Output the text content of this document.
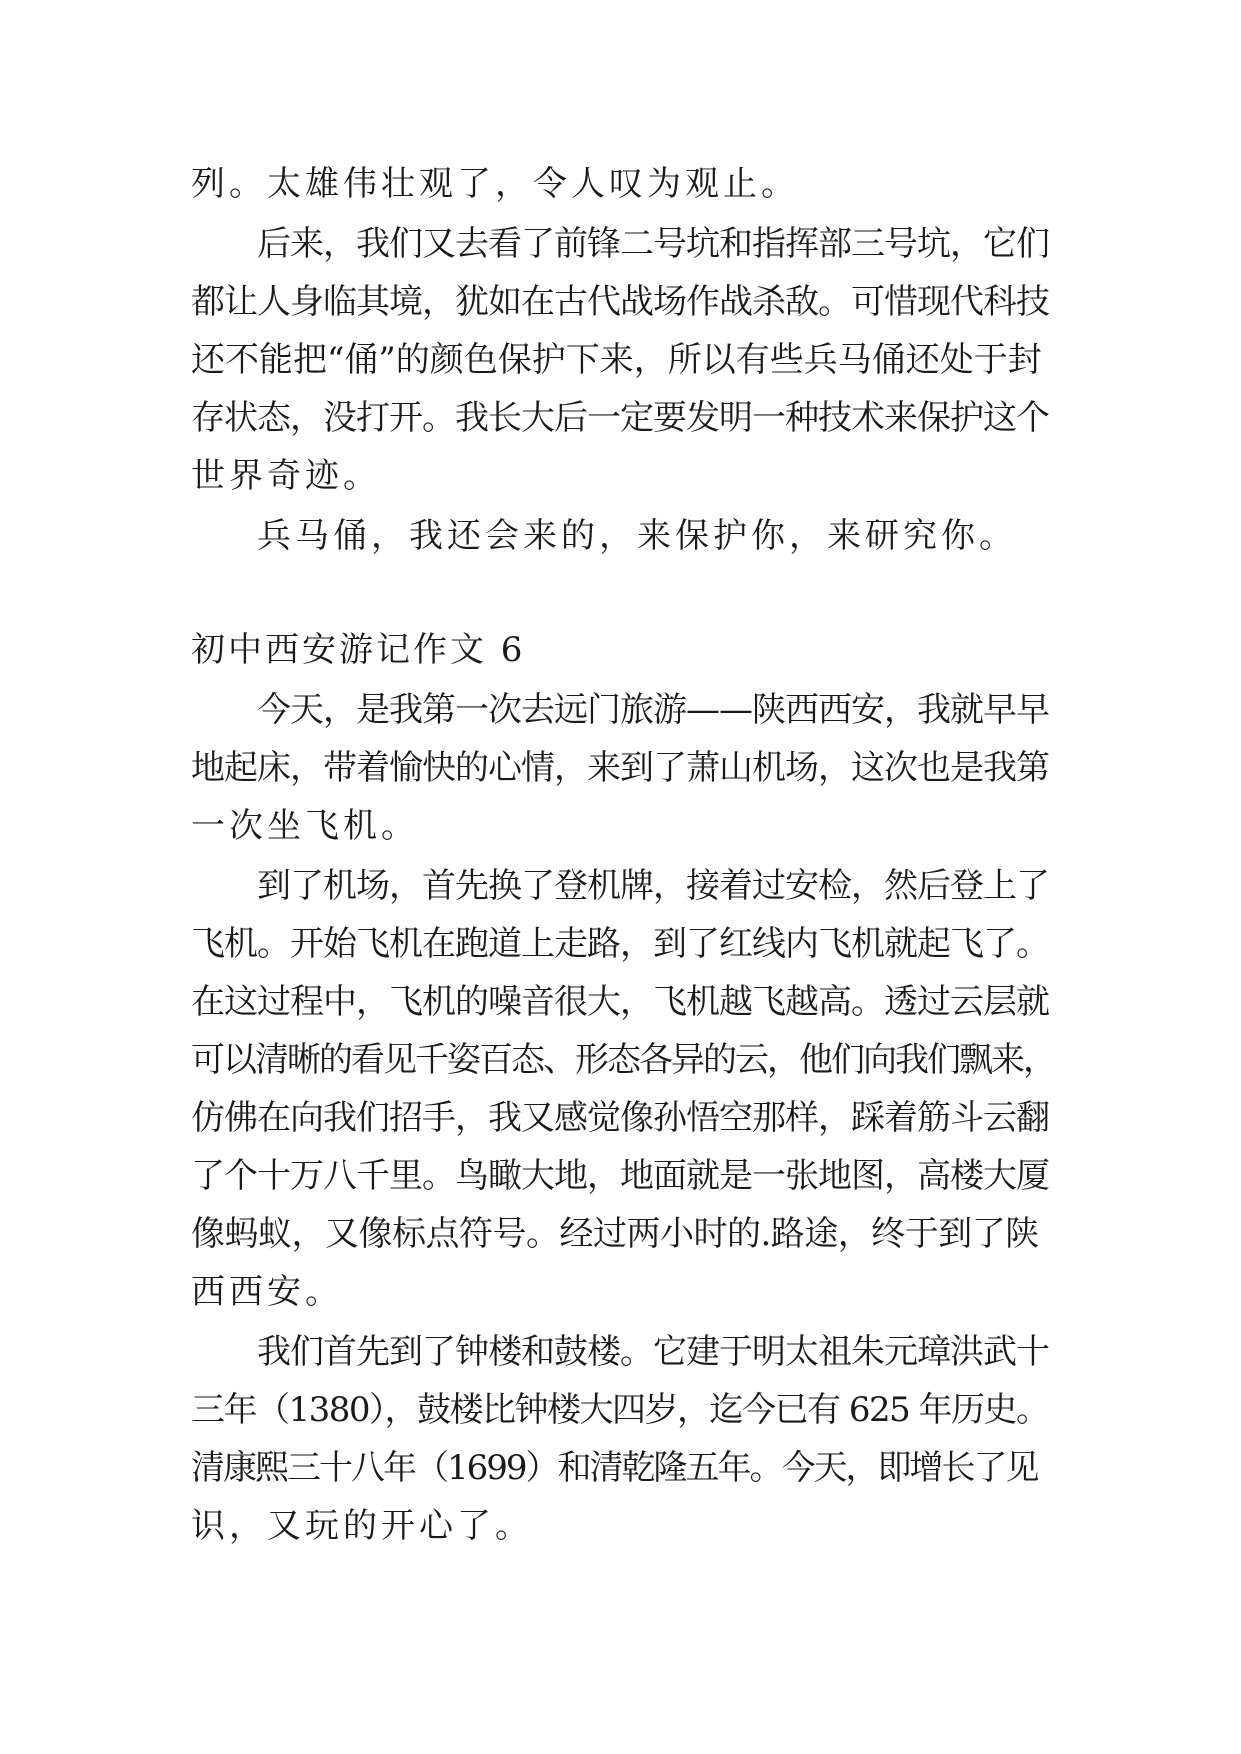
列。太雄伟壮观了，令人叹为观止。
后来，我们又去看了前锋二号坑和指挥部三号坑，它们
都让人身临其境，犹如在古代战场作战杀敌。可惜现代科技
还不能把“俑”的颜色保护下来，所以有些兵马俑还处于封
存状态，没打开。我长大后一定要发明一种技术来保护这个
世界奇迹。
兵马俑，我还会来的，来保护你，来研究你。
初中西安游记作文 6
今天，是我第一次去远门旅游——陕西西安，我就早早
地起床，带着愉快的心情，来到了萧山机场，这次也是我第
一次坐飞机。
到了机场，首先换了登机牌，接着过安检，然后登上了
飞机。开始飞机在跑道上走路，到了红线内飞机就起飞了。
在这过程中，飞机的噪音很大，飞机越飞越高。透过云层就
可以清晰的看见千姿百态、形态各异的云，他们向我们飘来，
仿佛在向我们招手，我又感觉像孙悟空那样，踩着筋斗云翻
了个十万八千里。鸟瞰大地，地面就是一张地图，高楼大厦
像蚂蚁，又像标点符号。经过两小时的.路途，终于到了陕
西西安。
我们首先到了钟楼和鼓楼。它建于明太祖朱元璋洪武十
三年（1380），鼓楼比钟楼大四岁，迄今已有 625 年历史。
清康熙三十八年（1699）和清乾隆五年。今天，即增长了见
识，又玩的开心了。
